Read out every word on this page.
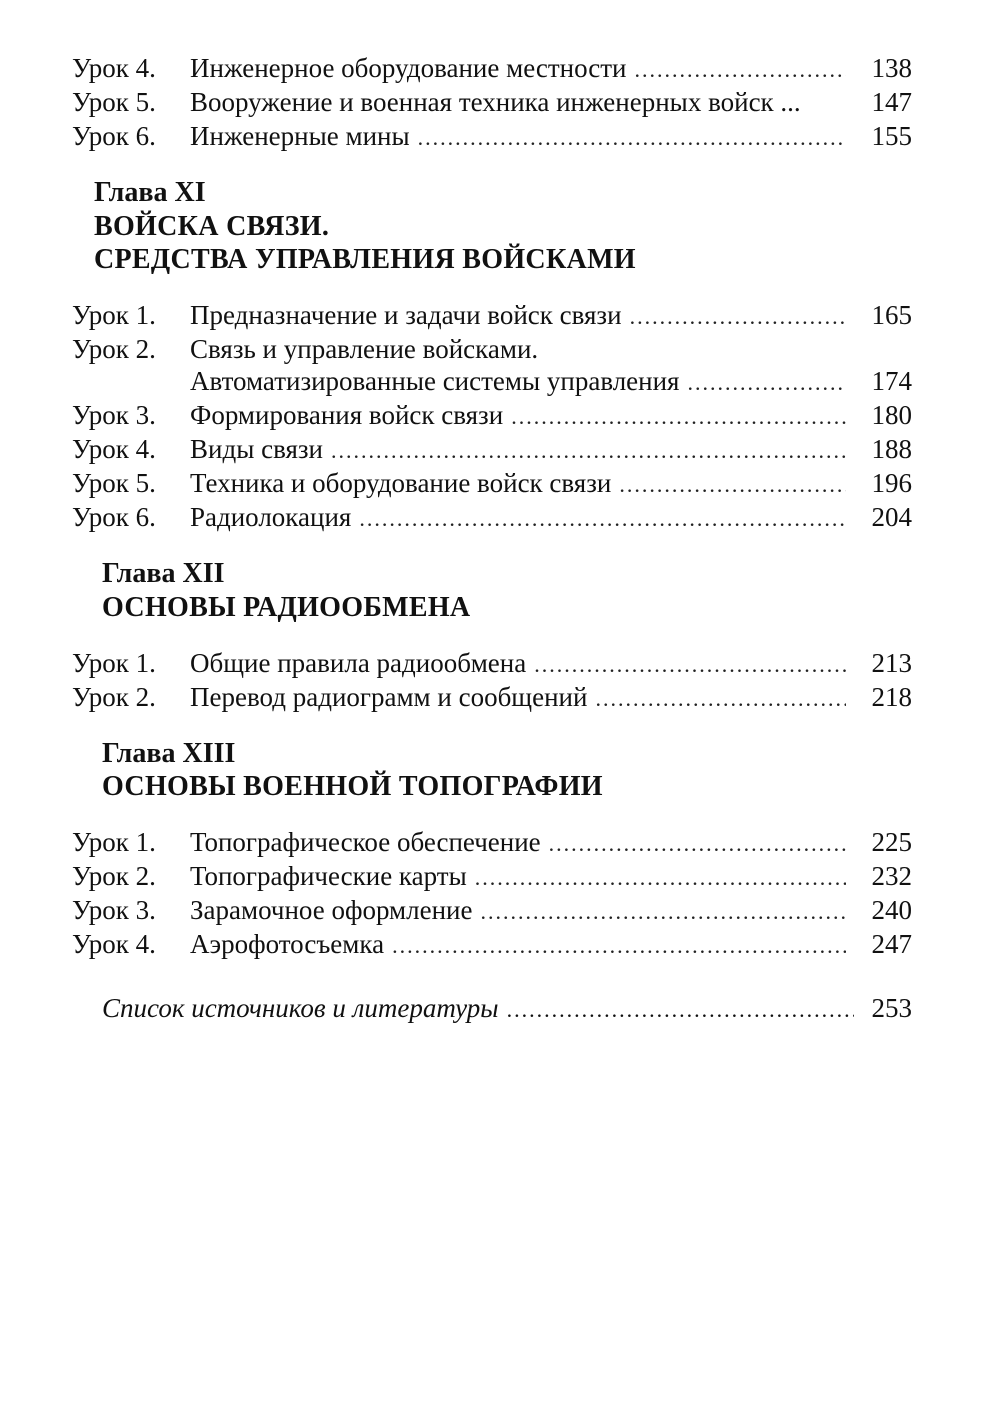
Урок 4.	Инженерное оборудование местности .....	138
Урок 5.	Вооружение и военная техника инженерных войск ...	147
Урок 6.	Инженерные мины .....	155
Глава XI
ВОЙСКА СВЯЗИ.
СРЕДСТВА УПРАВЛЕНИЯ ВОЙСКАМИ
Урок 1.	Предназначение и задачи войск связи .....	165
Урок 2.	Связь и управление войсками.
Автоматизированные системы управления .....	174
Урок 3.	Формирования войск связи .....	180
Урок 4.	Виды связи .....	188
Урок 5.	Техника и оборудование войск связи .....	196
Урок 6.	Радиолокация .....	204
Глава XII
ОСНОВЫ РАДИООБМЕНА
Урок 1.	Общие правила радиообмена .....	213
Урок 2.	Перевод радиограмм и сообщений .....	218
Глава XIII
ОСНОВЫ ВОЕННОЙ ТОПОГРАФИИ
Урок 1.	Топографическое обеспечение .....	225
Урок 2.	Топографические карты .....	232
Урок 3.	Зарамочное оформление .....	240
Урок 4.	Аэрофотосъемка .....	247
Список источников и литературы .....	253
